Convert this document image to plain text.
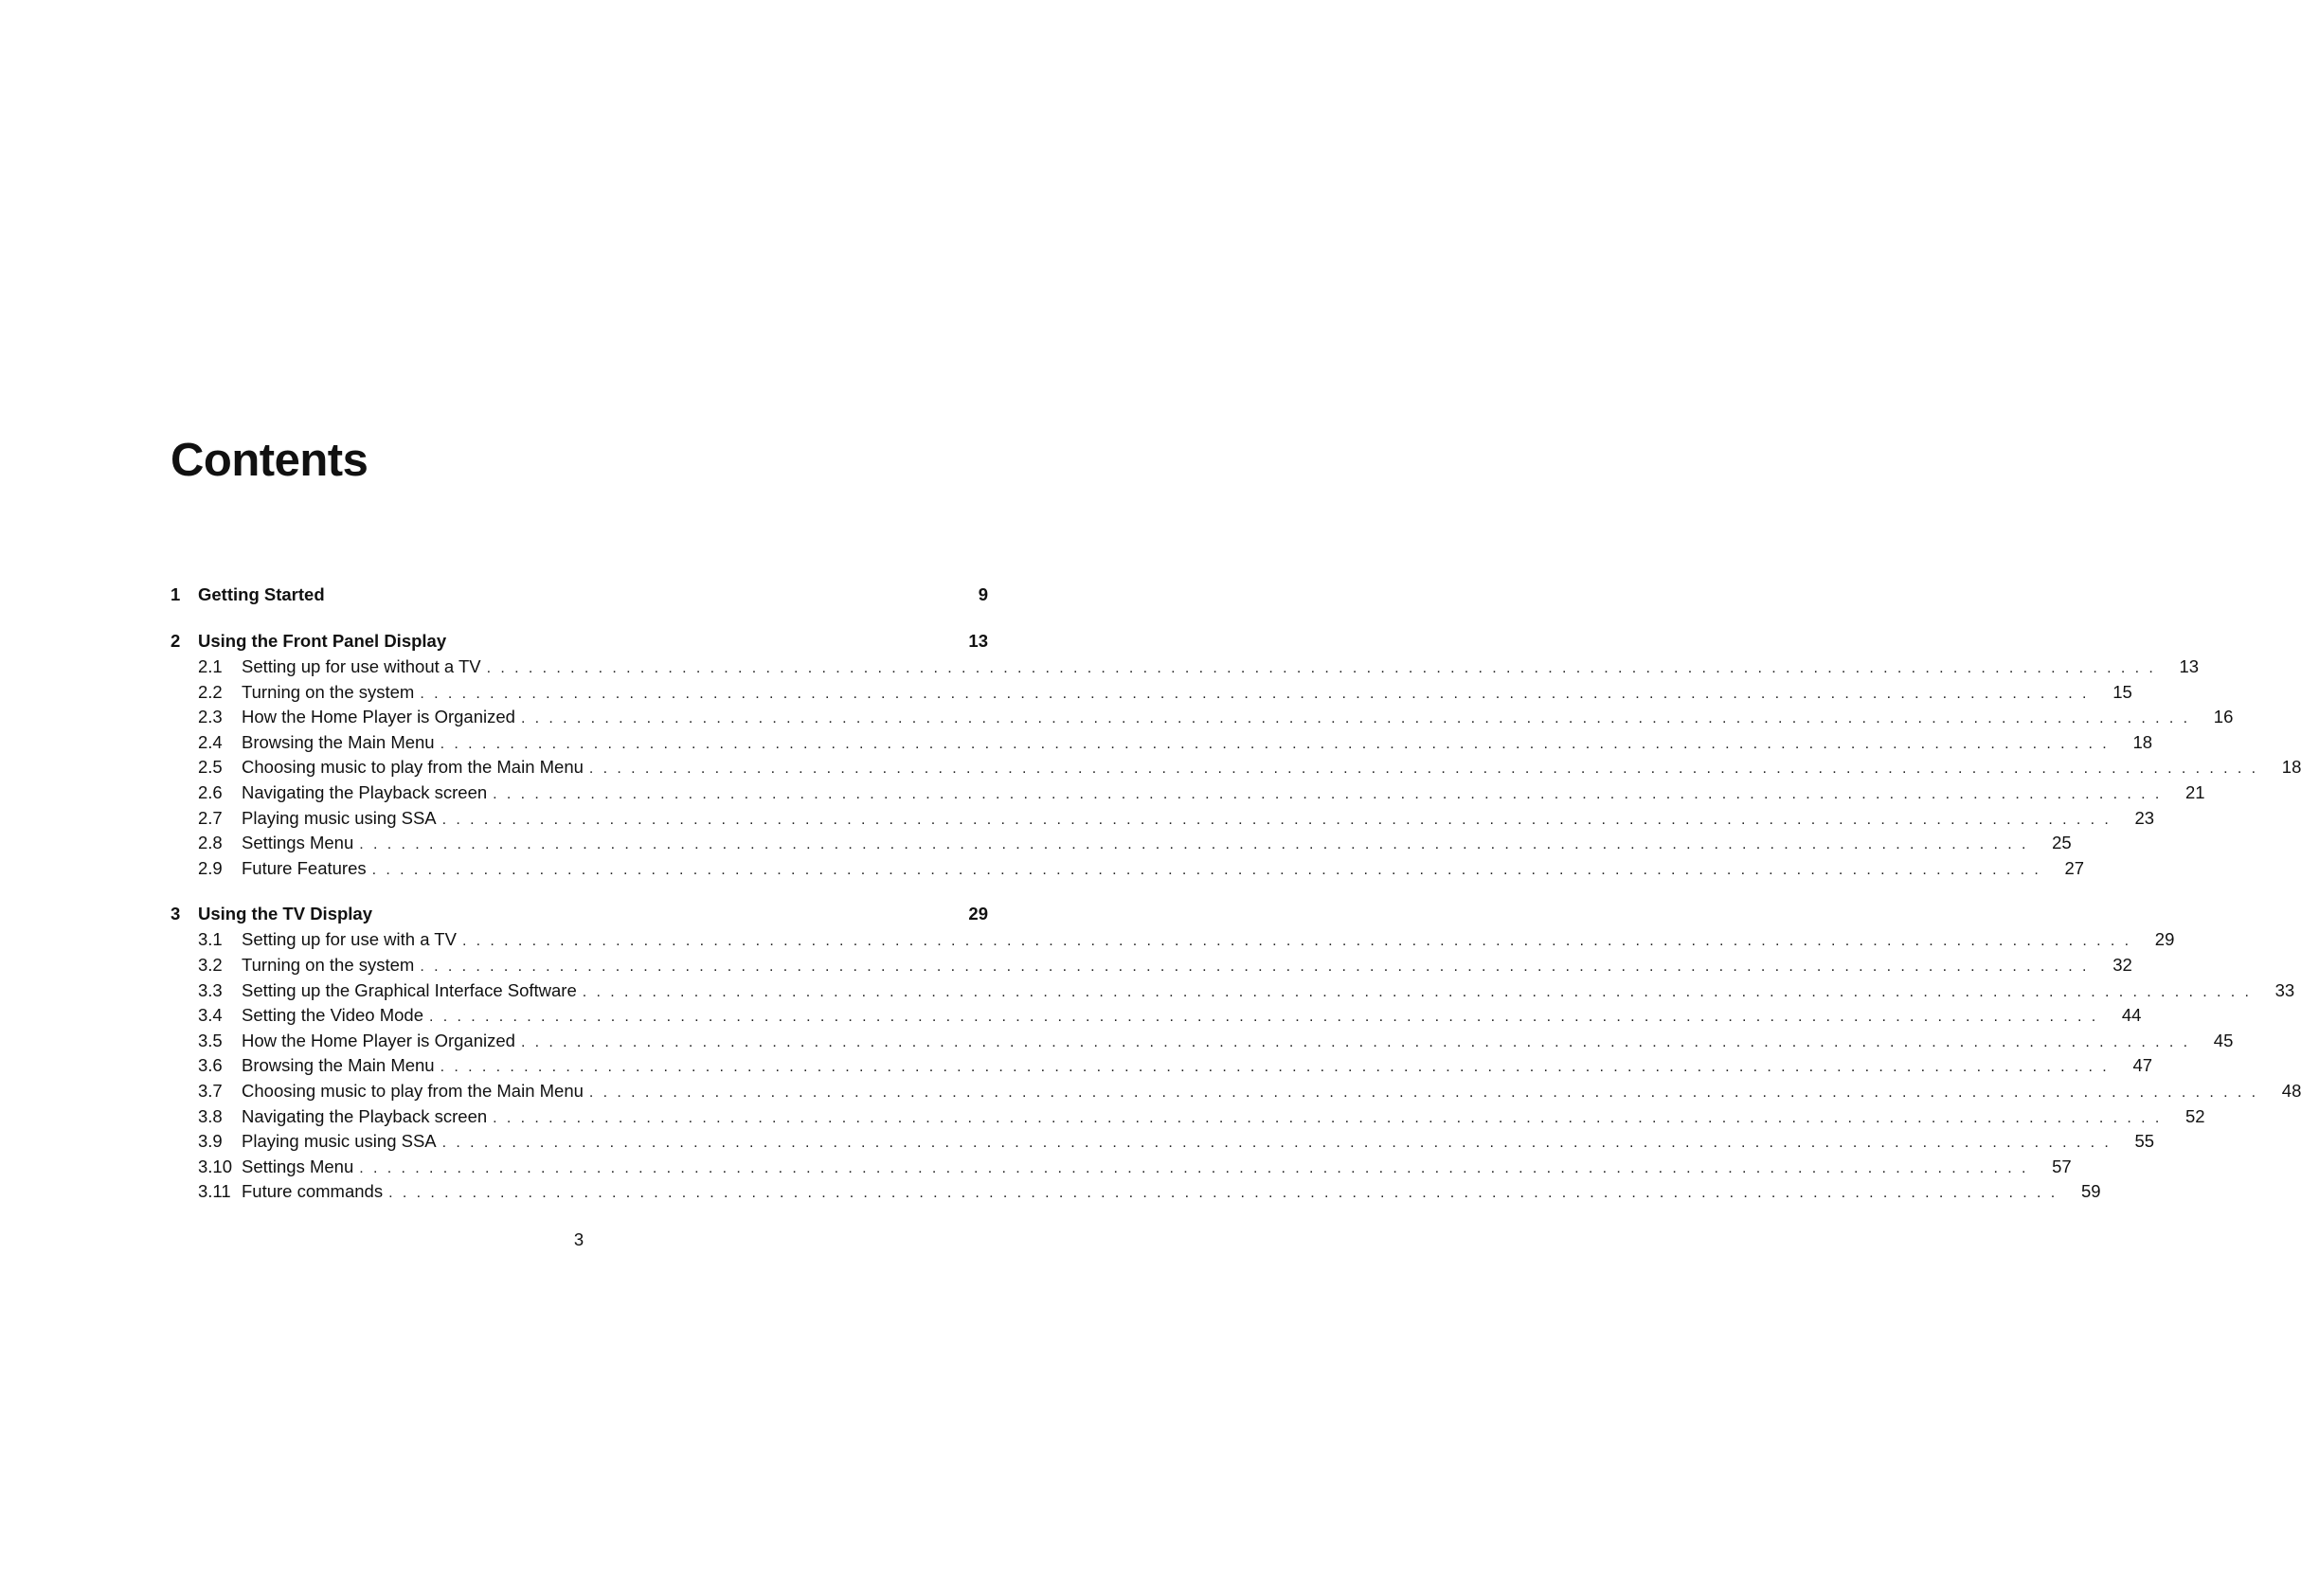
Contents
1	Getting Started	9
2	Using the Front Panel Display	13
2.1	Setting up for use without a TV ........................................................................................................................ 13
2.2	Turning on the system ........................................................................................................................ 15
2.3	How the Home Player is Organized ........................................................................................................................ 16
2.4	Browsing the Main Menu ........................................................................................................................ 18
2.5	Choosing music to play from the Main Menu ........................................................................................................................ 18
2.6	Navigating the Playback screen ........................................................................................................................ 21
2.7	Playing music using SSA ........................................................................................................................ 23
2.8	Settings Menu ........................................................................................................................ 25
2.9	Future Features ........................................................................................................................ 27
3	Using the TV Display	29
3.1	Setting up for use with a TV ........................................................................................................................ 29
3.2	Turning on the system ........................................................................................................................ 32
3.3	Setting up the Graphical Interface Software ........................................................................................................................ 33
3.4	Setting the Video Mode ........................................................................................................................ 44
3.5	How the Home Player is Organized ........................................................................................................................ 45
3.6	Browsing the Main Menu ........................................................................................................................ 47
3.7	Choosing music to play from the Main Menu ........................................................................................................................ 48
3.8	Navigating the Playback screen ........................................................................................................................ 52
3.9	Playing music using SSA ........................................................................................................................ 55
3.10 Settings Menu ........................................................................................................................ 57
3.11 Future commands ........................................................................................................................ 59
3
